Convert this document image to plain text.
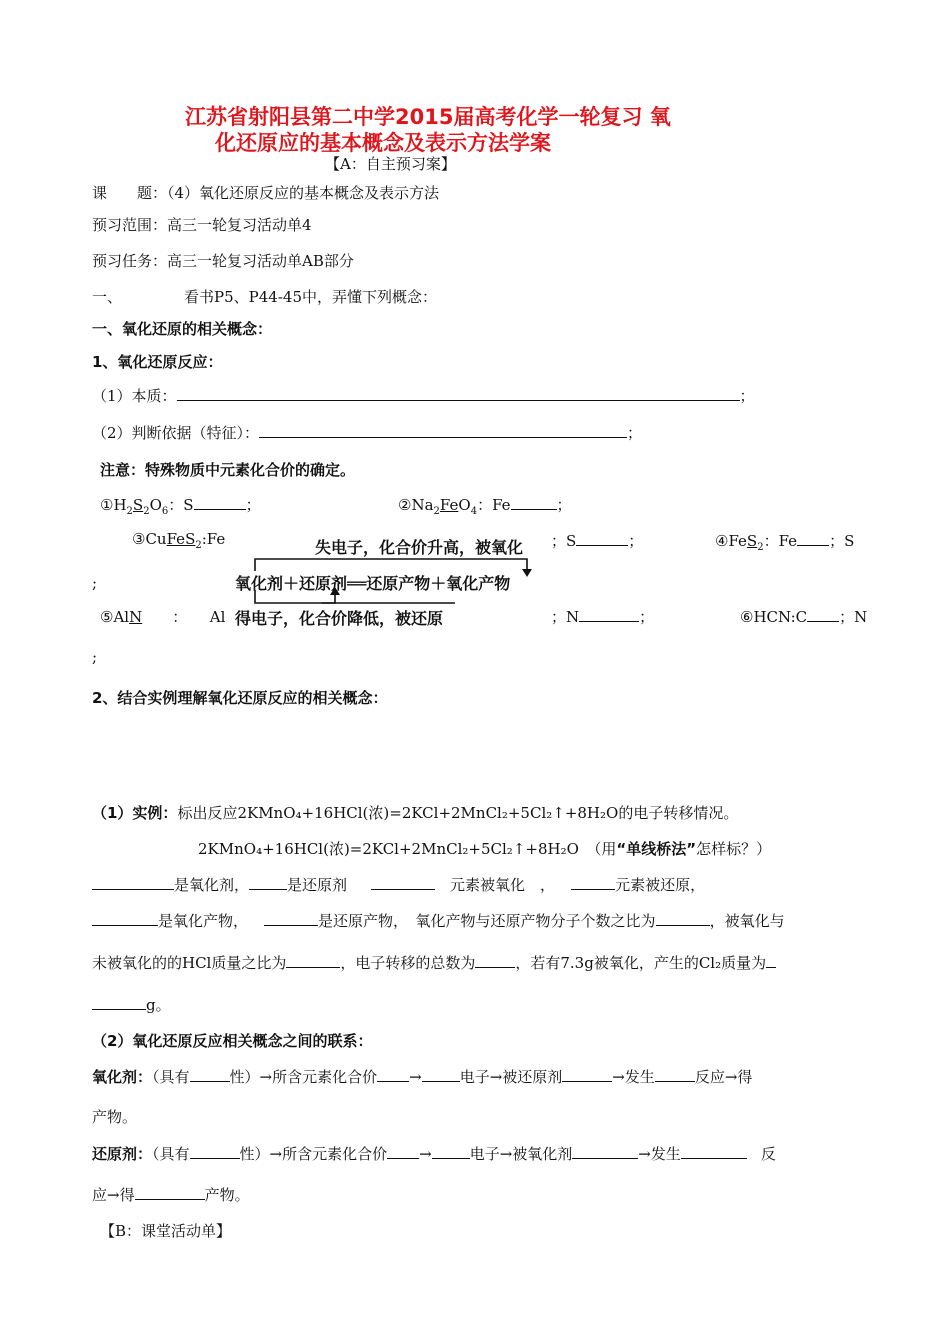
江苏省射阳县第二中学2015届高考化学一轮复习 氧
化还原应的基本概念及表示方法学案
【A：自主预习案】
课　　题：（4）氧化还原反应的基本概念及表示方法
预习范围：高三一轮复习活动单4
预习任务：高三一轮复习活动单AB部分
一、	看书P5、P44-45中，弄懂下列概念：
一、氧化还原的相关概念：
1、氧化还原反应：
（1）本质：	；
（2）判断依据（特征）：	；
注意：特殊物质中元素化合价的确定。
$①H_2S_2O_6$：S	；	$②Na_2FeO_4$：Fe	；
③CuFeS$_2$:Fe	；S	；	④FeS$_2$：Fe ；S
;
失电子，化合价升高，被氧化
氧化剂＋还原剂══还原产物＋氧化产物
得电子，化合价降低，被还原
⑤AlN　　：　　Al	；N	；	⑥HCN:C ；N
;
2、结合实例理解氧化还原反应的相关概念：
（1）实例：标出反应2KMnO₄+16HCl(浓)=2KCl+2MnCl₂+5Cl₂↑+8H₂O的电子转移情况。
2KMnO₄+16HCl(浓)=2KCl+2MnCl₂+5Cl₂↑+8H₂O　 （用“单线桥法”怎样标？）
是氧化剂，	是还原剂　	元素被氧化　，	元素被还原，
是氧化产物，	是还原产物，　 氧化产物与还原产物分子个数之比为	，被氧化与
未被氧化的的HCl质量之比为	，电子转移的总数为	，若有7.3g被氧化，产生的Cl₂质量为
g。
（2）氧化还原反应相关概念之间的联系：
氧化剂：（具有	性）→所含元素化合价 →	电子→被还原剂	→发生	反应→得
产物。
还原剂：（具有	性）→所含元素化合价 →	电子→被氧化剂	→发生	反
应→得	产物。
【B：课堂活动单】
